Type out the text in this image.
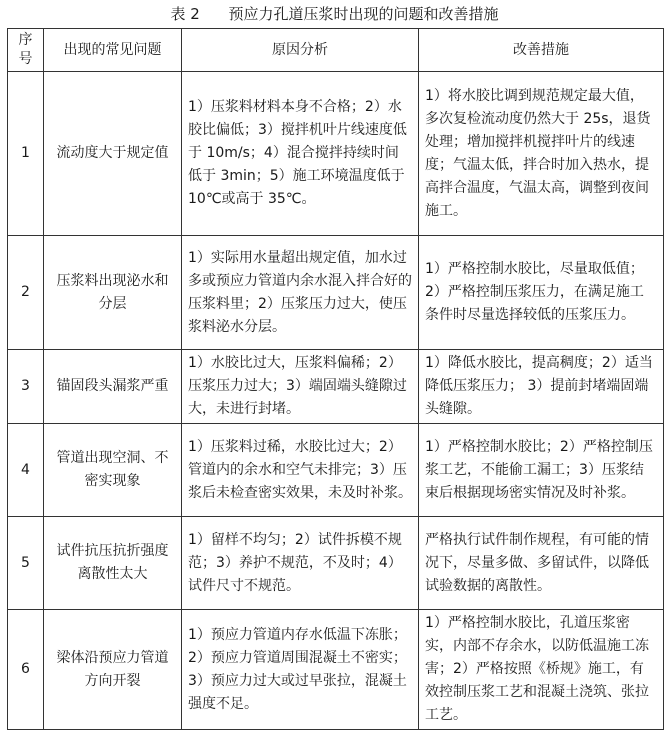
表 2      预应力孔道压浆时出现的问题和改善措施
序
号	出现的常见问题	原因分析	改善措施
1	流动度大于规定值	1）压浆料材料本身不合格；2）水胶比偏低；3）搅拌机叶片线速度低于 10m/s；4）混合搅拌持续时间低于 3min；5）施工环境温度低于 10℃或高于 35℃。	1）将水胶比调到规范规定最大值，多次复检流动度仍然大于 25s，退货处理；增加搅拌机搅拌叶片的线速度；气温太低，拌合时加入热水，提高拌合温度，气温太高，调整到夜间施工。
2	压浆料出现泌水和分层	1）实际用水量超出规定值，加水过多或预应力管道内余水混入拌合好的压浆料里；2）压浆压力过大，使压浆料泌水分层。	1）严格控制水胶比，尽量取低值；2）严格控制压浆压力，在满足施工条件时尽量选择较低的压浆压力。
3	锚固段头漏浆严重	1）水胶比过大，压浆料偏稀；2）压浆压力过大；3）端固端头缝隙过大，未进行封堵。	1）降低水胶比，提高稠度；2）适当降低压浆压力； 3）提前封堵端固端头缝隙。
4	管道出现空洞、不密实现象	1）压浆料过稀，水胶比过大；2）管道内的余水和空气未排完；3）压浆后未检查密实效果，未及时补浆。	1）严格控制水胶比；2）严格控制压浆工艺，不能偷工漏工；3）压浆结束后根据现场密实情况及时补浆。
5	试件抗压抗折强度
离散性太大	1）留样不均匀；2）试件拆模不规范；3）养护不规范，不及时；4）试件尺寸不规范。	严格执行试件制作规程，有可能的情况下，尽量多做、多留试件，以降低试验数据的离散性。
6	梁体沿预应力管道方向开裂	1）预应力管道内存水低温下冻胀；2）预应力管道周围混凝土不密实；3）预应力过大或过早张拉，混凝土强度不足。	1）严格控制水胶比，孔道压浆密实，内部不存余水，以防低温施工冻害；2）严格按照《桥规》施工，有效控制压浆工艺和混凝土浇筑、张拉工艺。
